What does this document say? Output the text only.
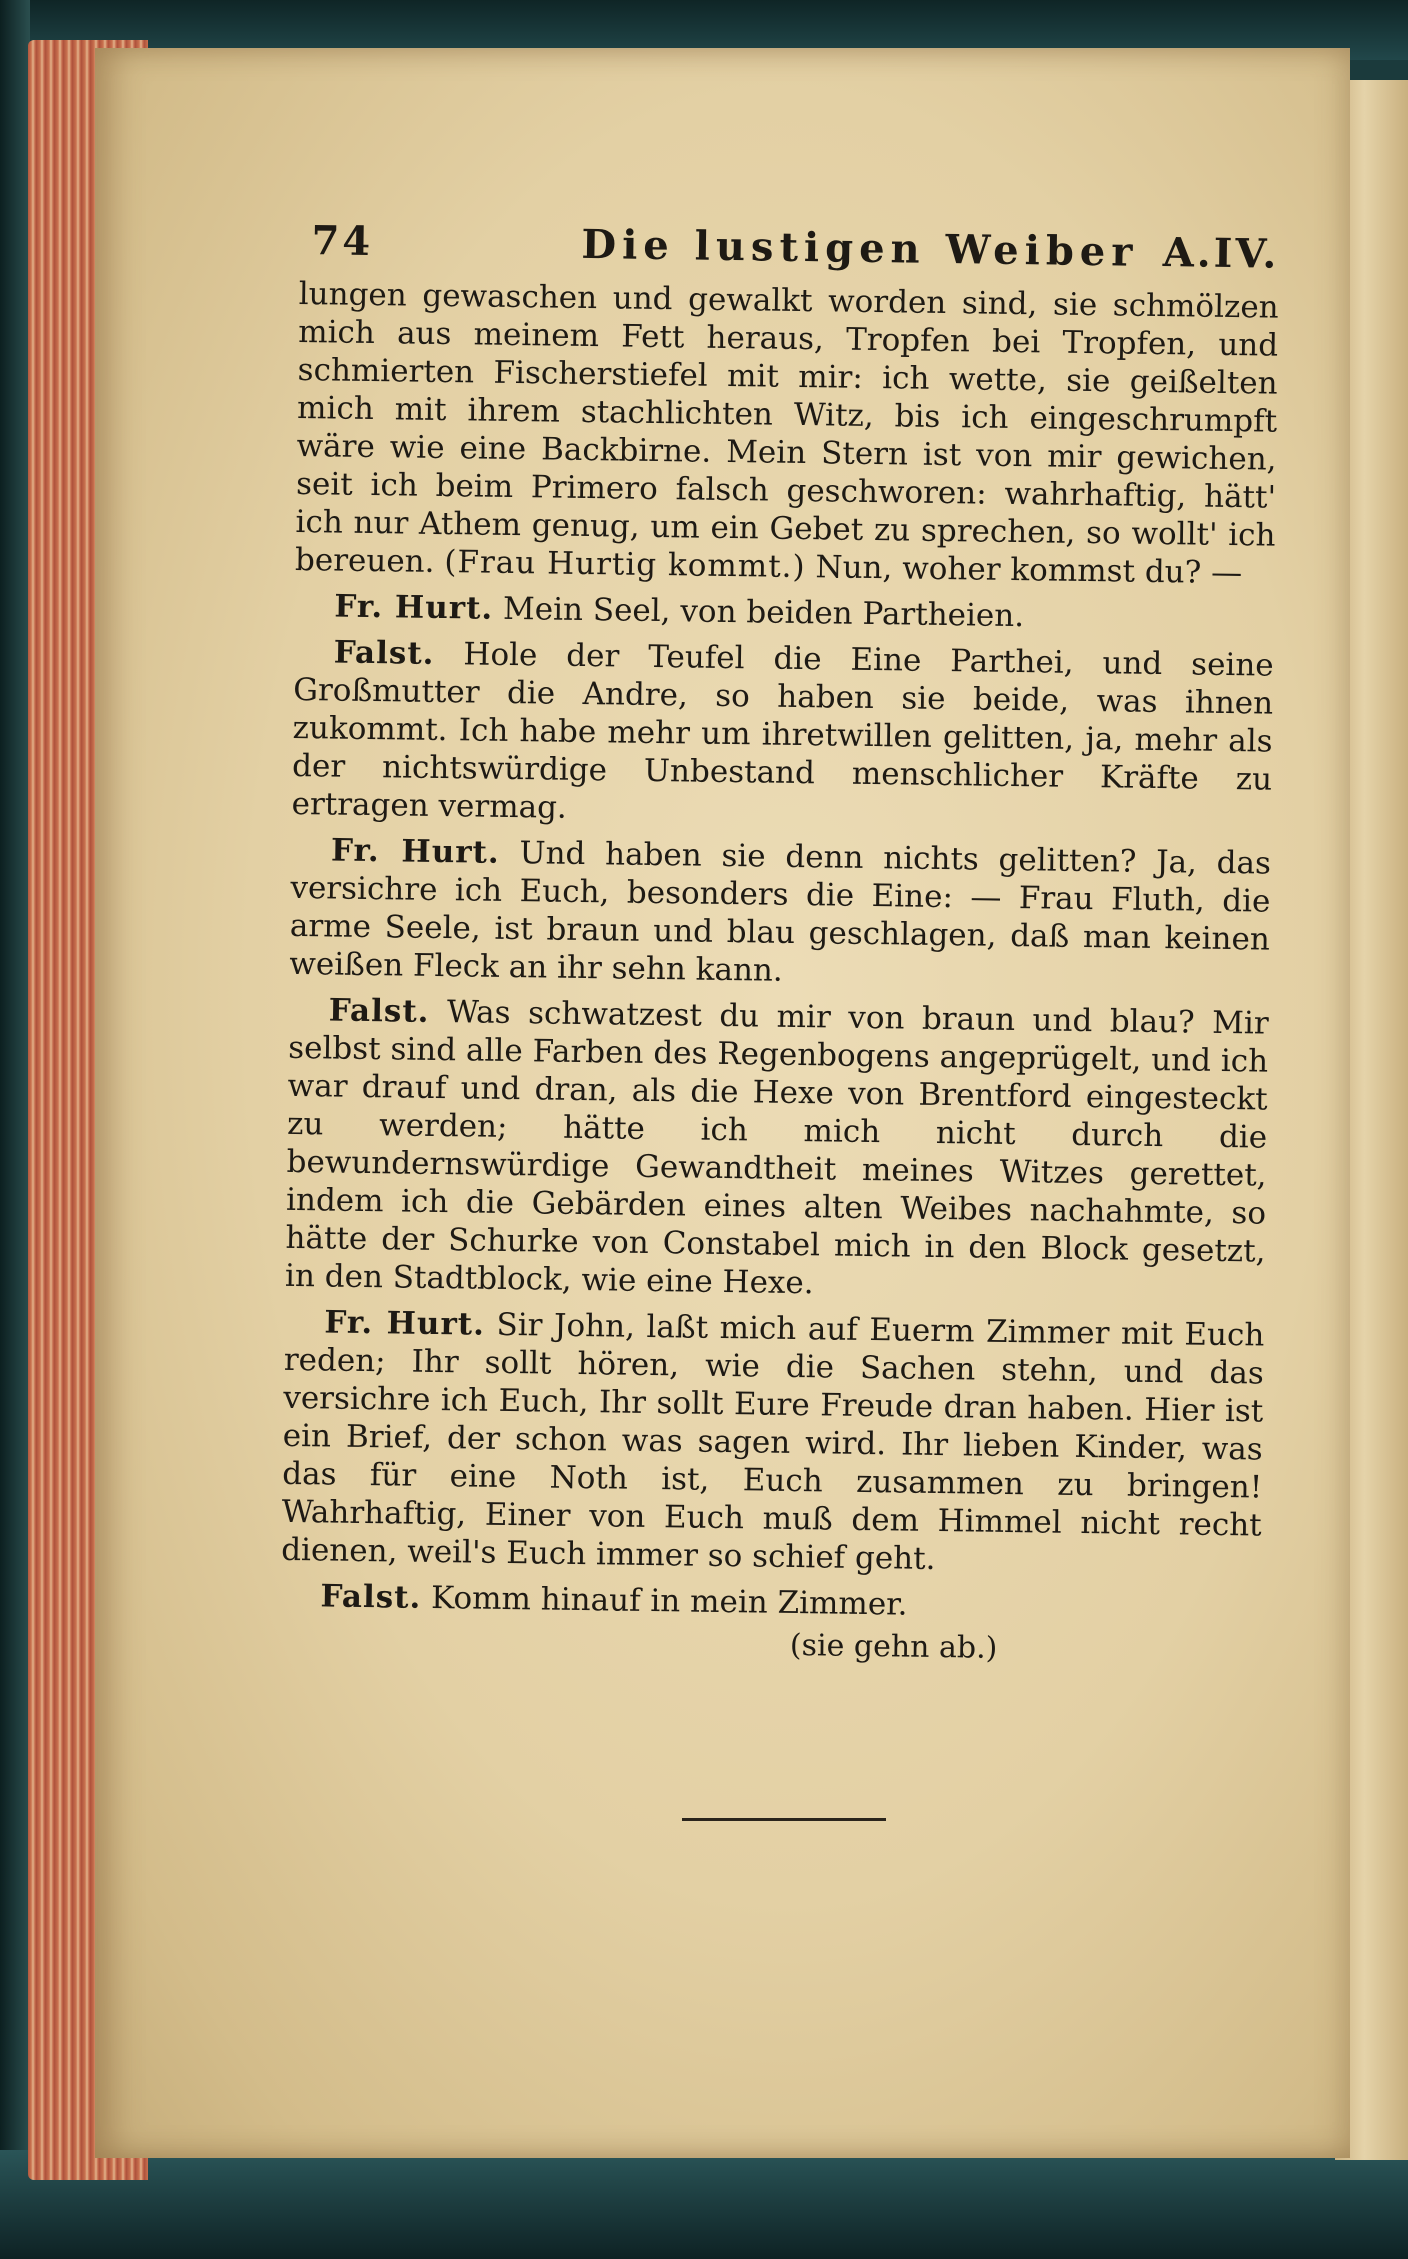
74	Die lustigen Weiber A.IV.

lungen gewaschen und gewalkt worden sind, sie schmölzen mich aus meinem Fett heraus, Tropfen bei Tropfen, und schmierten Fischerstiefel mit mir: ich wette, sie geißelten mich mit ihrem stachlichten Witz, bis ich eingeschrumpft wäre wie eine Backbirne. Mein Stern ist von mir gewichen, seit ich beim Primero falsch geschworen: wahrhaftig, hätt' ich nur Athem genug, um ein Gebet zu sprechen, so wollt' ich bereuen. (Frau Hurtig kommt.) Nun, woher kommst du? —

Fr. Hurt. Mein Seel, von beiden Partheien.

Falst. Hole der Teufel die Eine Parthei, und seine Großmutter die Andre, so haben sie beide, was ihnen zukommt. Ich habe mehr um ihretwillen gelitten, ja, mehr als der nichtswürdige Unbestand menschlicher Kräfte zu ertragen vermag.

Fr. Hurt. Und haben sie denn nichts gelitten? Ja, das versichre ich Euch, besonders die Eine: — Frau Fluth, die arme Seele, ist braun und blau geschlagen, daß man keinen weißen Fleck an ihr sehn kann.

Falst. Was schwatzest du mir von braun und blau? Mir selbst sind alle Farben des Regenbogens angeprügelt, und ich war drauf und dran, als die Hexe von Brentford eingesteckt zu werden; hätte ich mich nicht durch die bewundernswürdige Gewandtheit meines Witzes gerettet, indem ich die Gebärden eines alten Weibes nachahmte, so hätte der Schurke von Constabel mich in den Block gesetzt, in den Stadtblock, wie eine Hexe.

Fr. Hurt. Sir John, laßt mich auf Euerm Zimmer mit Euch reden; Ihr sollt hören, wie die Sachen stehn, und das versichre ich Euch, Ihr sollt Eure Freude dran haben. Hier ist ein Brief, der schon was sagen wird. Ihr lieben Kinder, was das für eine Noth ist, Euch zusammen zu bringen! Wahrhaftig, Einer von Euch muß dem Himmel nicht recht dienen, weil's Euch immer so schief geht.

Falst. Komm hinauf in mein Zimmer.

(sie gehn ab.)
